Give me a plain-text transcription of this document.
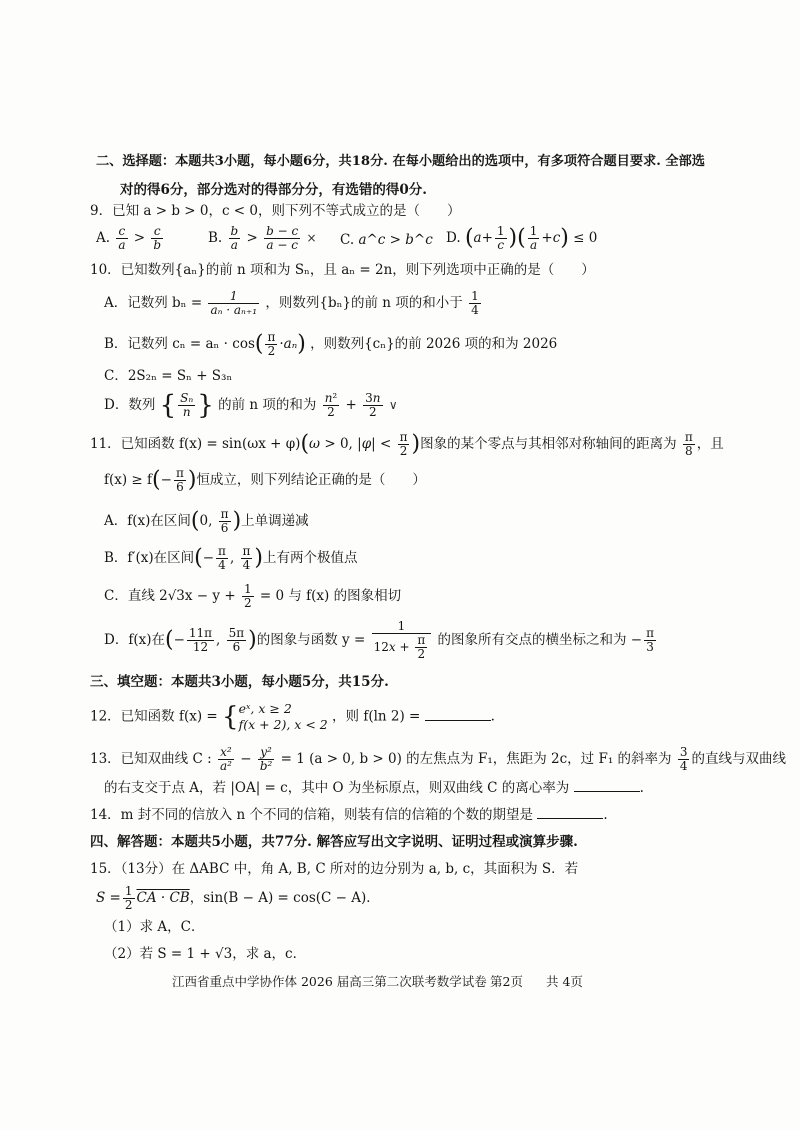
二、选择题：本题共3小题，每小题6分，共18分. 在每小题给出的选项中，有多项符合题目要求. 全部选
对的得6分，部分选对的得部分分，有选错的得0分.
9．已知 a > b > 0，c < 0，则下列不等式成立的是（　　）
A. $\frac{c}{a} > \frac{c}{b}$	B. $\frac{b}{a} > \frac{b - c}{a - c} \times C$. a^c > b^c D. ($a+ \frac{1}{c}$ )( $\frac{1}{a} +c) \le 0$
10．已知数列{aₙ}的前 n 项和为 Sₙ，且 aₙ = 2n，则下列选项中正确的是（　　）
A．记数列 $b_n = \frac{1}{\text{aₙ · aₙ₊₁}}$ ，则数列{bₙ}的前 n 项的和小于 $\frac{1}{4}$
B．记数列 $c_n = a_n \cdot \cos( \frac{\pi}{2} \cdot a_n)$ ，则数列{cₙ}的前 2026 项的和为 2026
C．2S₂ₙ = Sₙ + S₃ₙ
D．数列 { $\frac{\text{Sₙ}}{n}$ } 的前 n 项的和为 $\frac{\text{n²}}{2} + \frac{3n}{2}$ ∨
11．已知函数 f(x) = sin(ωx + φ)(ω > 0, $|\varphi| < \frac{\pi}{2}$ )图象的某个零点与其相邻对称轴间的距离为 $\frac{\pi}{8}$ ，且
$f(x) \ge f(- \frac{\pi}{6}$ )恒成立，则下列结论正确的是（　　）
A．f(x)在区间(0, $\frac{\pi}{6}$ )上单调递减
B．f′(x)在区间(− $\frac{\pi}{4}$ , $\frac{\pi}{4}$ )上有两个极值点
C．直线 $2√3x - y + \frac{1}{2} = 0$ 与 f(x) 的图象相切
D．f(x)在(− $\frac{11\pi}{12}$ , $\frac{5\pi}{6}$ )的图象与函数 $y = \frac{1}{12x + \frac{\pi}{2}}$ 的图象所有交点的横坐标之和为 − $\frac{\pi}{3}$
三、填空题：本题共3小题，每小题5分，共15分.
12．已知函数 f(x) = { eˣ, x ≥ 2
f(x + 2), x < 2 ，则 f(ln 2) =	.
13．已知双曲线 C : $\frac{\text{x²}}{\text{a²}} - \frac{\text{y²}}{\text{b²}} = 1$ (a > 0, b > 0) 的左焦点为 F₁，焦距为 2c，过 F₁ 的斜率为 $\frac{3}{4}$ 的直线与双曲线
的右支交于点 A，若 |OA| = c，其中 O 为坐标原点，则双曲线 C 的离心率为	.
14．m 封不同的信放入 n 个不同的信箱，则装有信的信箱的个数的期望是	.
四、解答题：本题共5小题，共77分. 解答应写出文字说明、证明过程或演算步骤.
15．（13分）在 ΔABC 中，角 A, B, C 所对的边分别为 a, b, c，其面积为 S．若
$S = \frac{1}{2}$ CA · CB，sin(B − A) = cos(C − A)．
（1）求 A，C．
（2）若 S = 1 + √3，求 a，c．
江西省重点中学协作体 2026 届高三第二次联考数学试卷 第2页 共 4页
